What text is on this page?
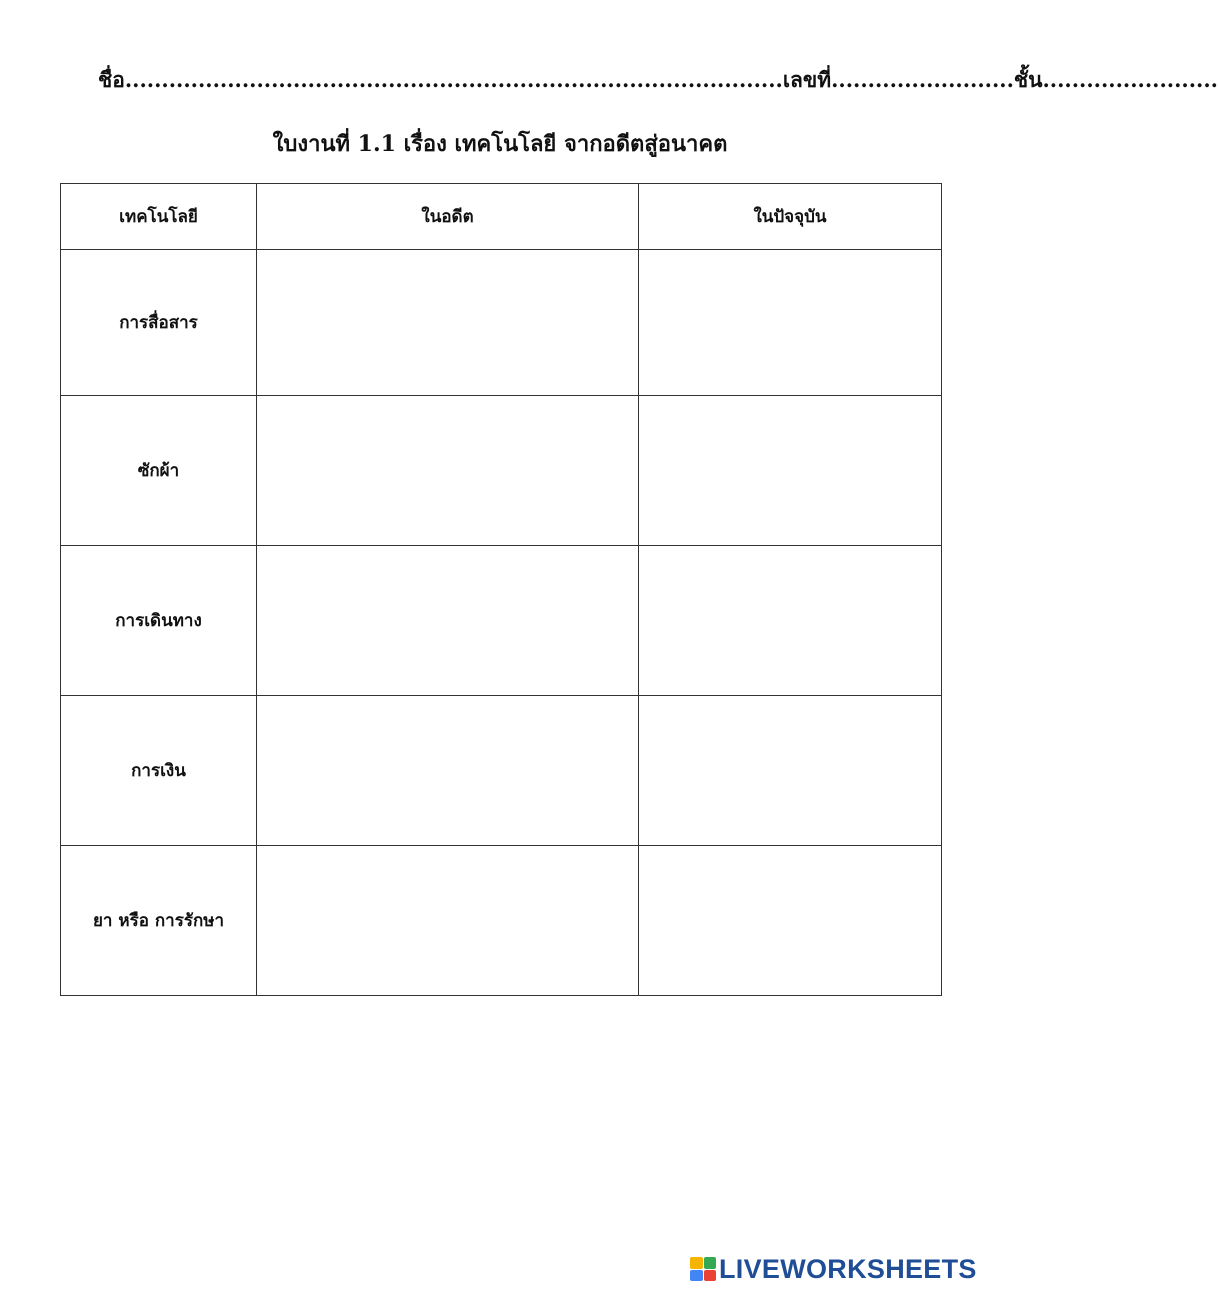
ชื่อ..........................................................................................เลขที่.........................ชั้น........................
ใบงานที่ 1.1 เรื่อง เทคโนโลยี จากอดีตสู่อนาคต
เทคโนโลยี	ในอดีต	ในปัจจุบัน
การสื่อสาร		
ซักผ้า		
การเดินทาง		
การเงิน		
ยา หรือ การรักษา		
LIVEWORKSHEETS
